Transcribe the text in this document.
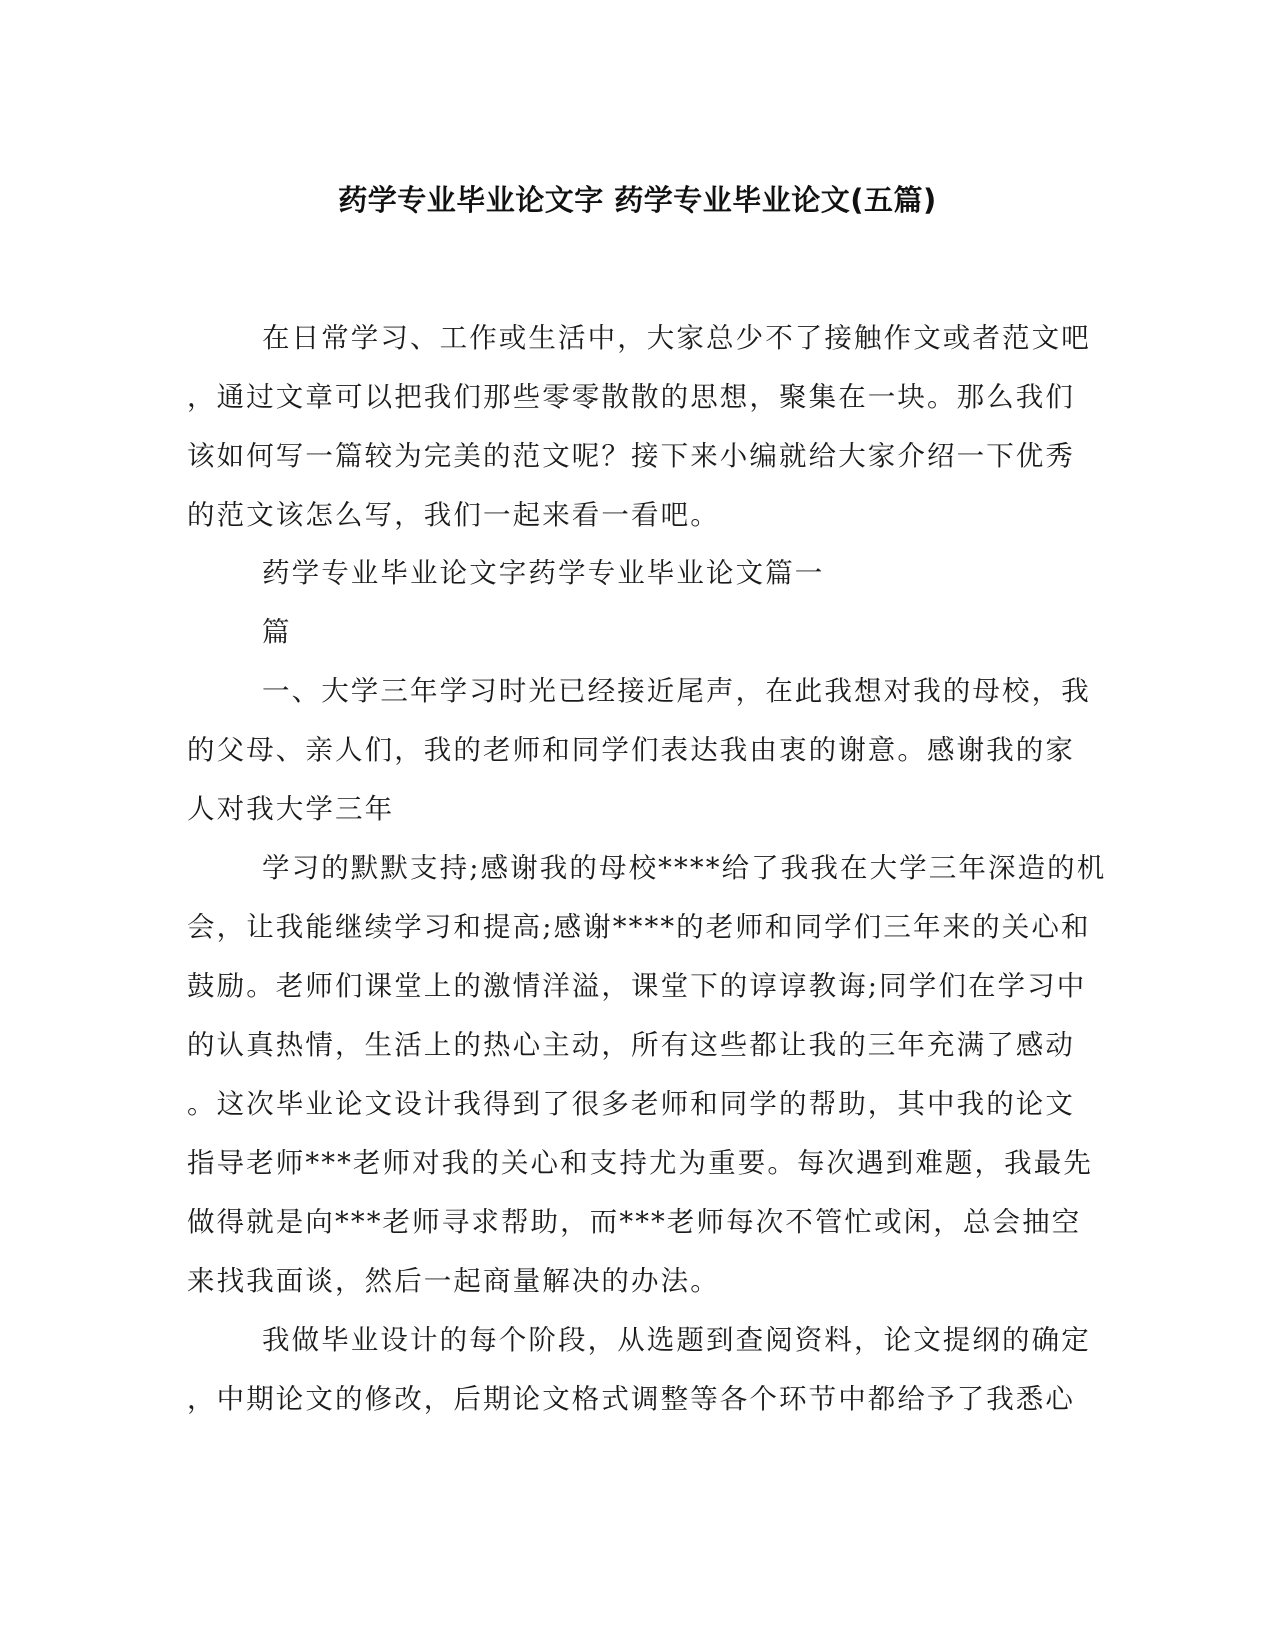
药学专业毕业论文字 药学专业毕业论文(五篇)

在日常学习、工作或生活中，大家总少不了接触作文或者范文吧

，通过文章可以把我们那些零零散散的思想，聚集在一块。那么我们

该如何写一篇较为完美的范文呢？接下来小编就给大家介绍一下优秀

的范文该怎么写，我们一起来看一看吧。

药学专业毕业论文字药学专业毕业论文篇一

篇

一、大学三年学习时光已经接近尾声，在此我想对我的母校，我

的父母、亲人们，我的老师和同学们表达我由衷的谢意。感谢我的家

人对我大学三年

学习的默默支持;感谢我的母校****给了我我在大学三年深造的机

会，让我能继续学习和提高;感谢****的老师和同学们三年来的关心和

鼓励。老师们课堂上的激情洋溢，课堂下的谆谆教诲;同学们在学习中

的认真热情，生活上的热心主动，所有这些都让我的三年充满了感动

。这次毕业论文设计我得到了很多老师和同学的帮助，其中我的论文

指导老师***老师对我的关心和支持尤为重要。每次遇到难题，我最先

做得就是向***老师寻求帮助，而***老师每次不管忙或闲，总会抽空

来找我面谈，然后一起商量解决的办法。

我做毕业设计的每个阶段，从选题到查阅资料，论文提纲的确定

，中期论文的修改，后期论文格式调整等各个环节中都给予了我悉心
